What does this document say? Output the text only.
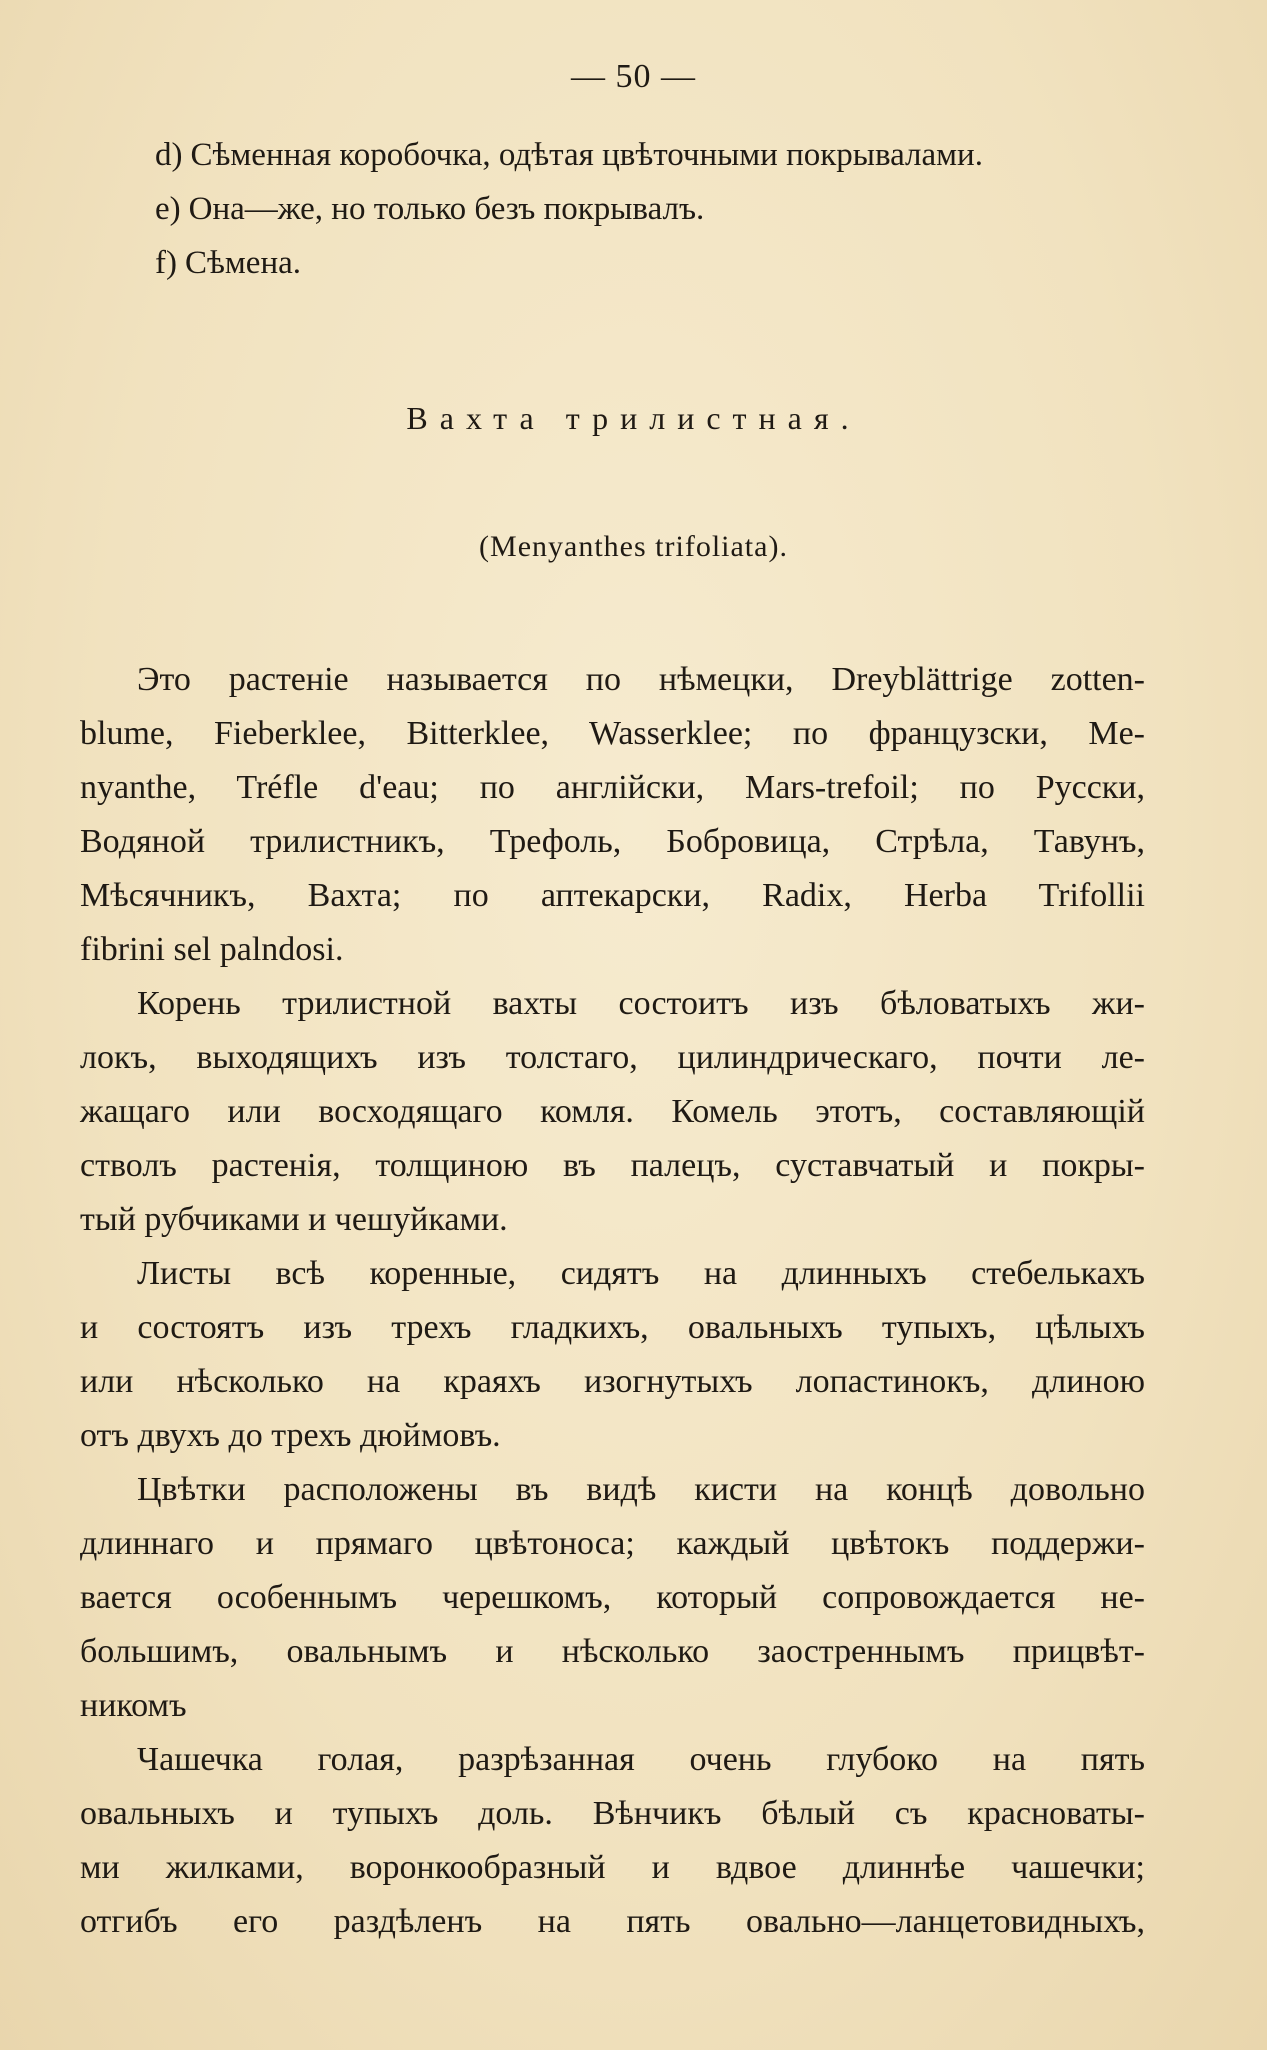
— 50 —
d) Сѣменная коробочка, одѣтая цвѣточными покрывалами.
e) Она—же, но только безъ покрывалъ.
f) Сѣмена.
Вахта трилистная.
(Menyanthes trifoliata).
Это растеніе называется по нѣмецки, Dreyblättrige zotten-
blume, Fieberklee, Bitterklee, Wasserklee; по французски, Me-
nyanthe, Tréfle d'eau; по англійски, Mars-trefoil; по Русски,
Водяной трилистникъ, Трефоль, Бобровица, Стрѣла, Тавунъ,
Мѣсячникъ, Вахта; по аптекарски, Radix, Herba Trifollii
fibrini sel palndosi.
Корень трилистной вахты состоитъ изъ бѣловатыхъ жи-
локъ, выходящихъ изъ толстаго, цилиндрическаго, почти ле-
жащаго или восходящаго комля. Комель этотъ, составляющій
стволъ растенія, толщиною въ палецъ, суставчатый и покры-
тый рубчиками и чешуйками.
Листы всѣ коренные, сидятъ на длинныхъ стебелькахъ
и состоятъ изъ трехъ гладкихъ, овальныхъ тупыхъ, цѣлыхъ
или нѣсколько на краяхъ изогнутыхъ лопастинокъ, длиною
отъ двухъ до трехъ дюймовъ.
Цвѣтки расположены въ видѣ кисти на концѣ довольно
длиннаго и прямаго цвѣтоноса; каждый цвѣтокъ поддержи-
вается особеннымъ черешкомъ, который сопровождается не-
большимъ, овальнымъ и нѣсколько заостреннымъ прицвѣт-
никомъ
Чашечка голая, разрѣзанная очень глубоко на пять
овальныхъ и тупыхъ доль. Вѣнчикъ бѣлый съ красноваты-
ми жилками, воронкообразный и вдвое длиннѣе чашечки;
отгибъ его раздѣленъ на пять овально—ланцетовидныхъ,
